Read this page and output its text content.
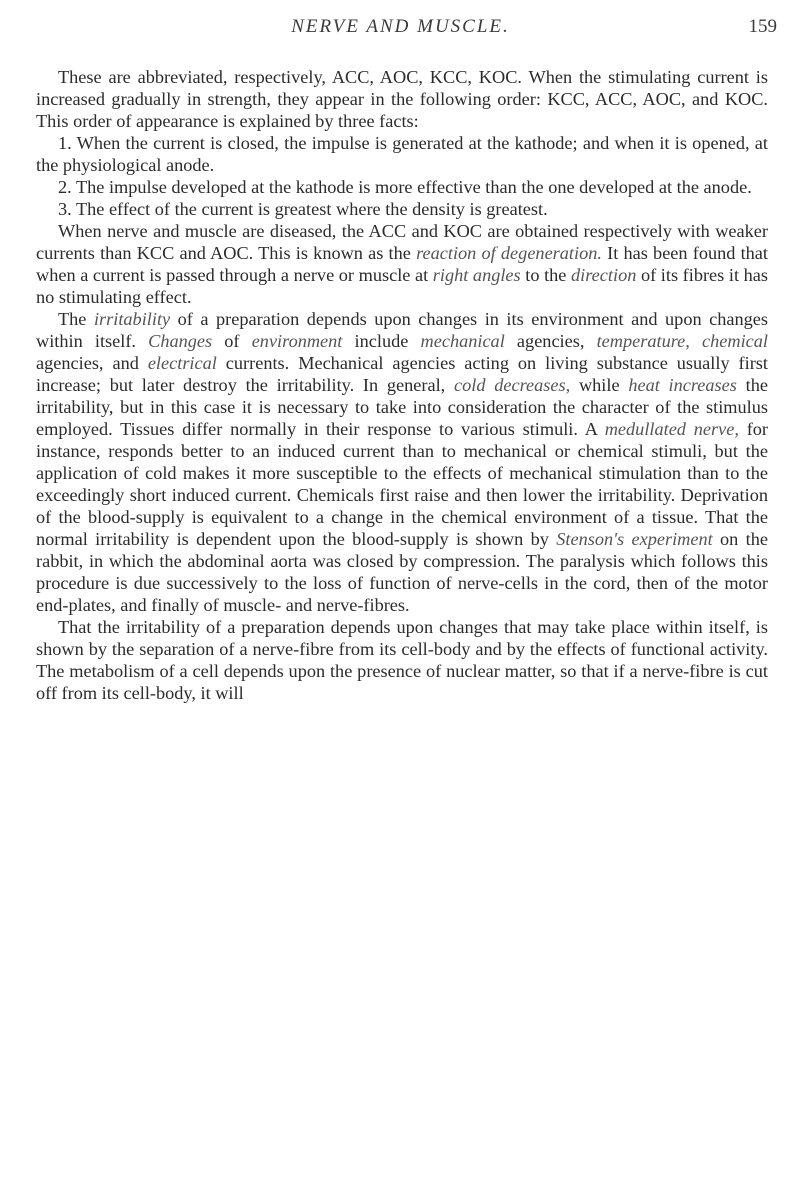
NERVE AND MUSCLE.	159

These are abbreviated, respectively, ACC, AOC, KCC, KOC. When the stimulating current is increased gradually in strength, they appear in the following order: KCC, ACC, AOC, and KOC. This order of appearance is explained by three facts:

1. When the current is closed, the impulse is generated at the kathode; and when it is opened, at the physiological anode.

2. The impulse developed at the kathode is more effective than the one developed at the anode.

3. The effect of the current is greatest where the density is greatest.

When nerve and muscle are diseased, the ACC and KOC are obtained respectively with weaker currents than KCC and AOC. This is known as the reaction of degeneration. It has been found that when a current is passed through a nerve or muscle at right angles to the direction of its fibres it has no stimulating effect.

The irritability of a preparation depends upon changes in its environment and upon changes within itself. Changes of environment include mechanical agencies, temperature, chemical agencies, and electrical currents. Mechanical agencies acting on living substance usually first increase; but later destroy the irritability. In general, cold decreases, while heat increases the irritability, but in this case it is necessary to take into consideration the character of the stimulus employed. Tissues differ normally in their response to various stimuli. A medullated nerve, for instance, responds better to an induced current than to mechanical or chemical stimuli, but the application of cold makes it more susceptible to the effects of mechanical stimulation than to the exceedingly short induced current. Chemicals first raise and then lower the irritability. Deprivation of the blood-supply is equivalent to a change in the chemical environment of a tissue. That the normal irritability is dependent upon the blood-supply is shown by Stenson's experiment on the rabbit, in which the abdominal aorta was closed by compression. The paralysis which follows this procedure is due successively to the loss of function of nerve-cells in the cord, then of the motor end-plates, and finally of muscle- and nerve-fibres.

That the irritability of a preparation depends upon changes that may take place within itself, is shown by the separation of a nerve-fibre from its cell-body and by the effects of functional activity. The metabolism of a cell depends upon the presence of nuclear matter, so that if a nerve-fibre is cut off from its cell-body, it will
